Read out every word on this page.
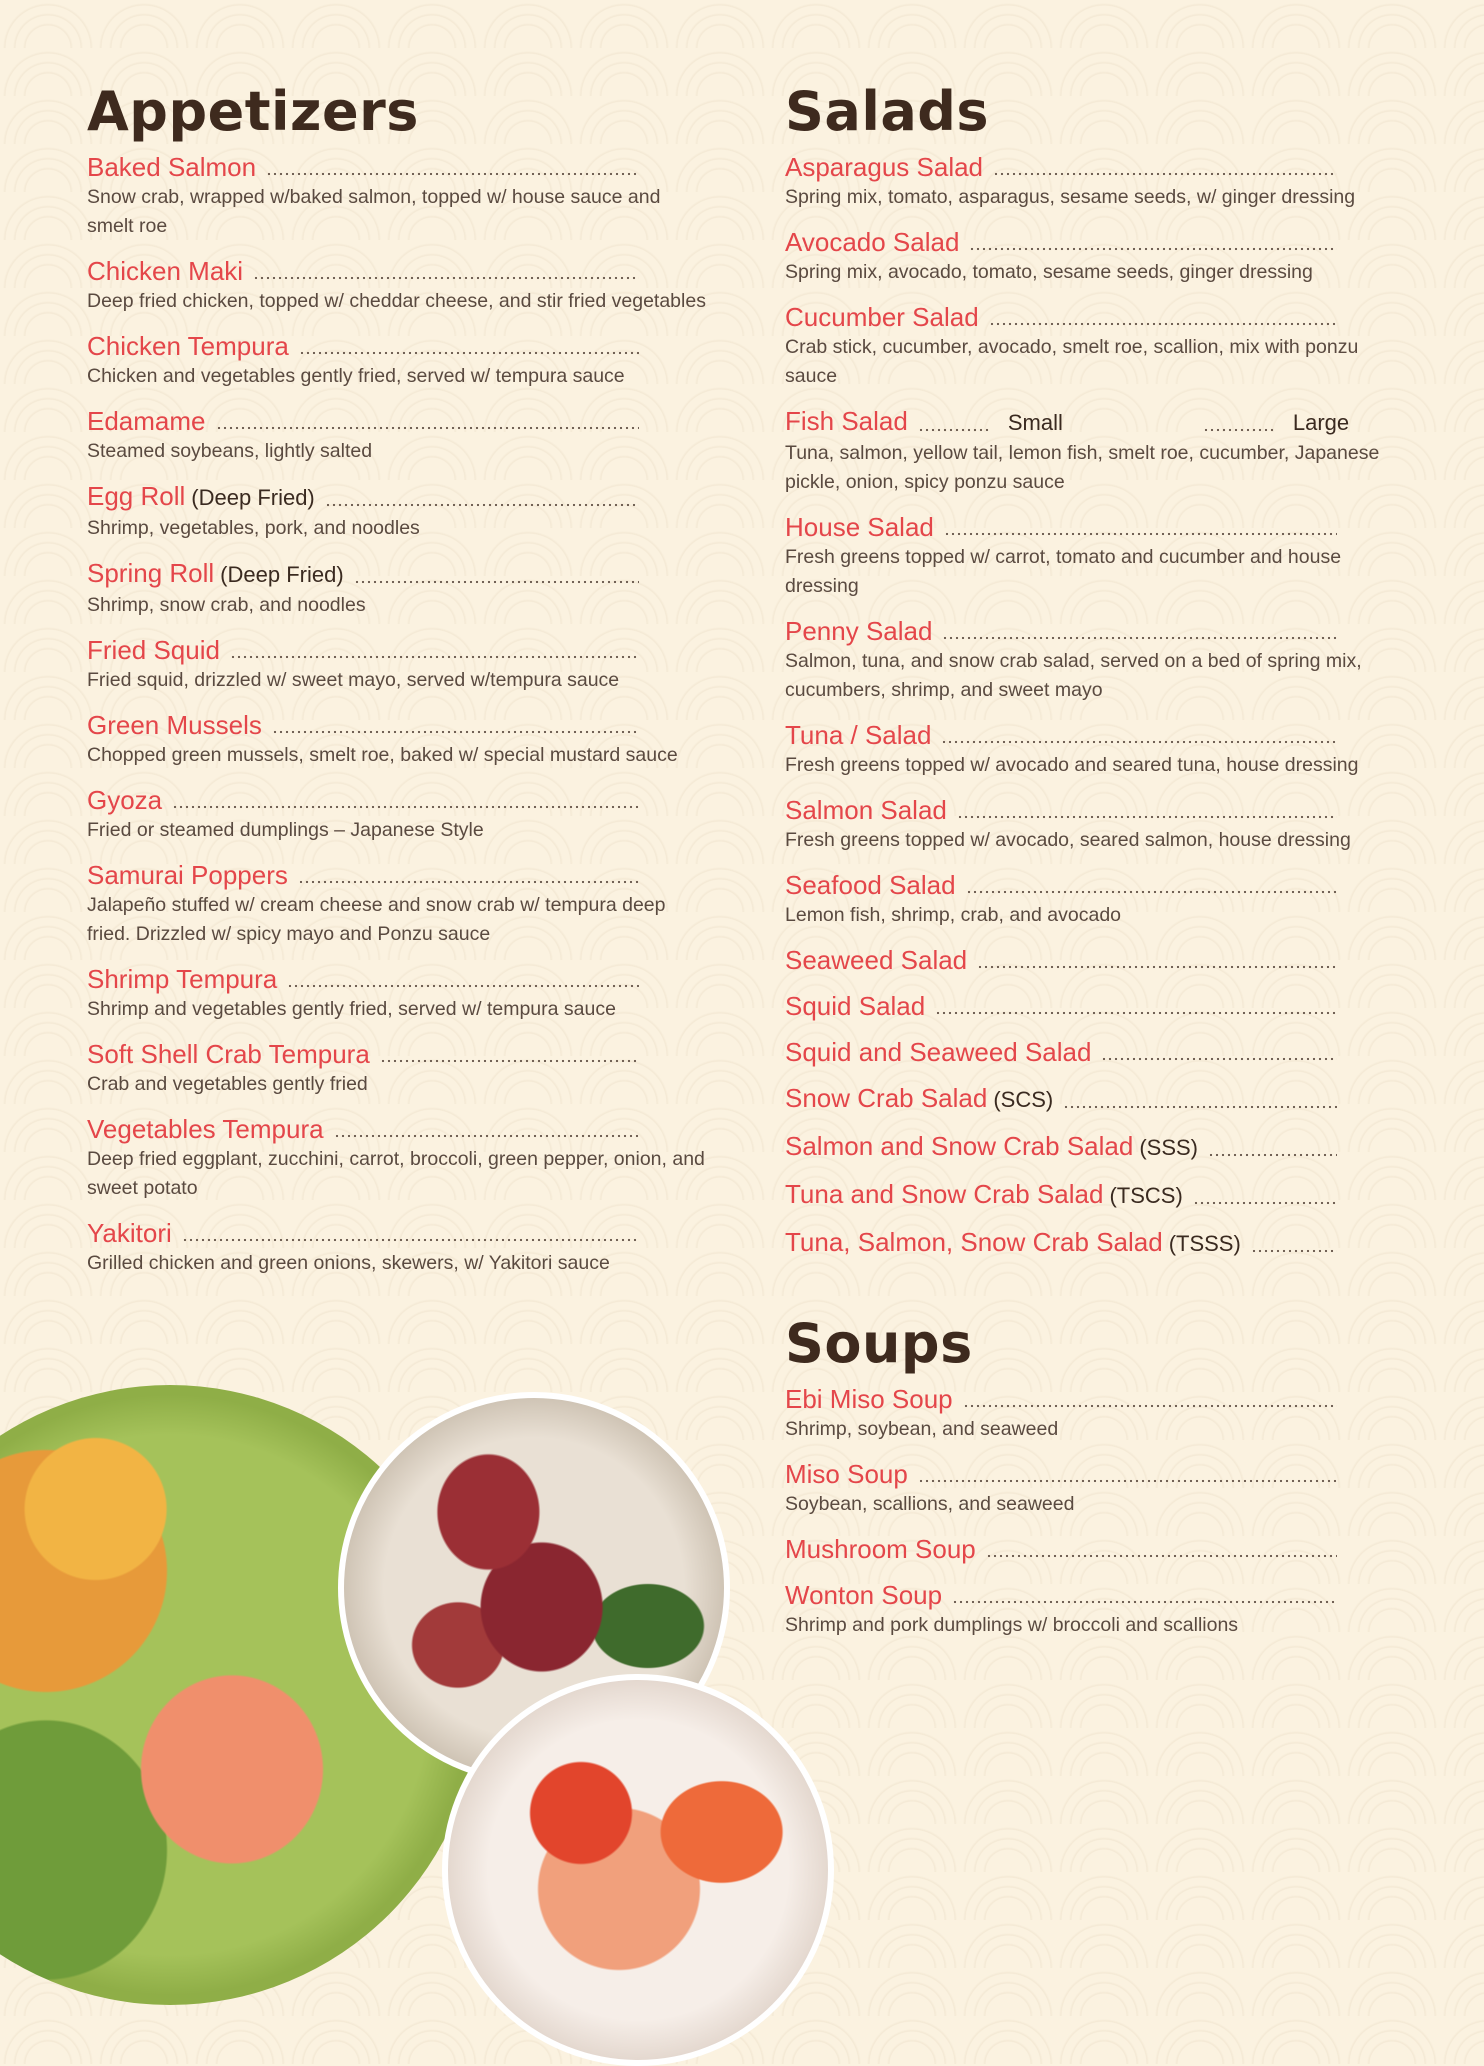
Appetizers
Baked Salmon
Snow crab, wrapped w/baked salmon, topped w/ house sauce and smelt roe
Chicken Maki
Deep fried chicken, topped w/ cheddar cheese, and stir fried vegetables
Chicken Tempura
Chicken and vegetables gently fried, served w/ tempura sauce
Edamame
Steamed soybeans, lightly salted
Egg Roll (Deep Fried)
Shrimp, vegetables, pork, and noodles
Spring Roll (Deep Fried)
Shrimp, snow crab, and noodles
Fried Squid
Fried squid, drizzled w/ sweet mayo, served w/tempura sauce
Green Mussels
Chopped green mussels, smelt roe, baked w/ special mustard sauce
Gyoza
Fried or steamed dumplings – Japanese Style
Samurai Poppers
Jalapeño stuffed w/ cream cheese and snow crab w/ tempura deep fried. Drizzled w/ spicy mayo and Ponzu sauce
Shrimp Tempura
Shrimp and vegetables gently fried, served w/ tempura sauce
Soft Shell Crab Tempura
Crab and vegetables gently fried
Vegetables Tempura
Deep fried eggplant, zucchini, carrot, broccoli, green pepper, onion, and sweet potato
Yakitori
Grilled chicken and green onions, skewers, w/ Yakitori sauce
Salads
Asparagus Salad
Spring mix, tomato, asparagus, sesame seeds, w/ ginger dressing
Avocado Salad
Spring mix, avocado, tomato, sesame seeds, ginger dressing
Cucumber Salad
Crab stick, cucumber, avocado, smelt roe, scallion, mix with ponzu sauce
Fish Salad	Small	Large
Tuna, salmon, yellow tail, lemon fish, smelt roe, cucumber, Japanese pickle, onion, spicy ponzu sauce
House Salad
Fresh greens topped w/ carrot, tomato and cucumber and house dressing
Penny Salad
Salmon, tuna, and snow crab salad, served on a bed of spring mix, cucumbers, shrimp, and sweet mayo
Tuna / Salad
Fresh greens topped w/ avocado and seared tuna, house dressing
Salmon Salad
Fresh greens topped w/ avocado, seared salmon, house dressing
Seafood Salad
Lemon fish, shrimp, crab, and avocado
Seaweed Salad
Squid Salad
Squid and Seaweed Salad
Snow Crab Salad (SCS)
Salmon and Snow Crab Salad (SSS)
Tuna and Snow Crab Salad (TSCS)
Tuna, Salmon, Snow Crab Salad (TSSS)
Soups
Ebi Miso Soup
Shrimp, soybean, and seaweed
Miso Soup
Soybean, scallions, and seaweed
Mushroom Soup
Wonton Soup
Shrimp and pork dumplings w/ broccoli and scallions
